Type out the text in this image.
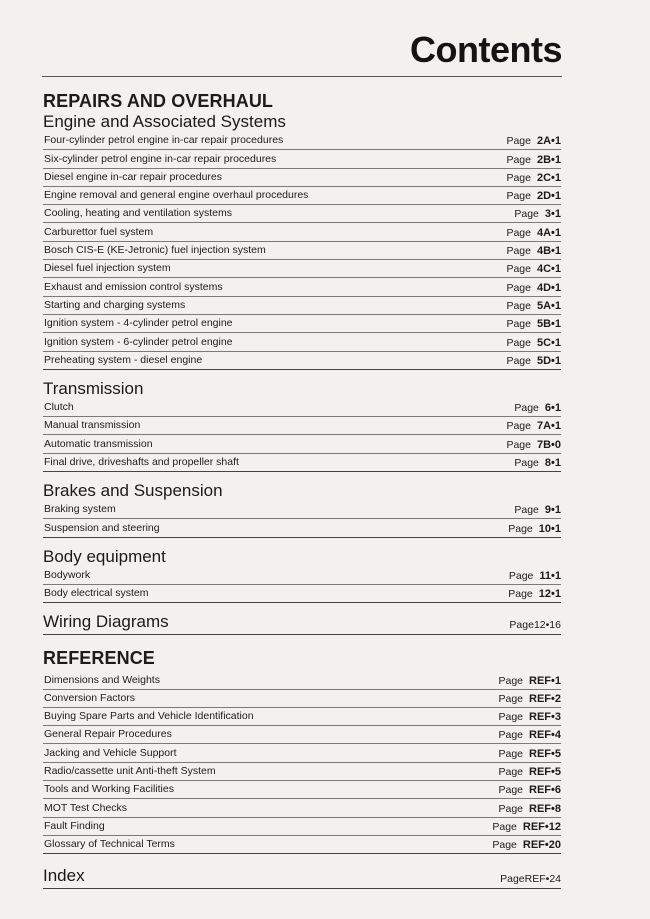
Contents
REPAIRS AND OVERHAUL
Engine and Associated Systems
Four-cylinder petrol engine in-car repair procedures	Page 2A•1
Six-cylinder petrol engine in-car repair procedures	Page 2B•1
Diesel engine in-car repair procedures	Page 2C•1
Engine removal and general engine overhaul procedures	Page 2D•1
Cooling, heating and ventilation systems	Page 3•1
Carburettor fuel system	Page 4A•1
Bosch CIS-E (KE-Jetronic) fuel injection system	Page 4B•1
Diesel fuel injection system	Page 4C•1
Exhaust and emission control systems	Page 4D•1
Starting and charging systems	Page 5A•1
Ignition system - 4-cylinder petrol engine	Page 5B•1
Ignition system - 6-cylinder petrol engine	Page 5C•1
Preheating system - diesel engine	Page 5D•1
Transmission
Clutch	Page 6•1
Manual transmission	Page 7A•1
Automatic transmission	Page 7B•0
Final drive, driveshafts and propeller shaft	Page 8•1
Brakes and Suspension
Braking system	Page 9•1
Suspension and steering	Page 10•1
Body equipment
Bodywork	Page 11•1
Body electrical system	Page 12•1
Wiring Diagrams	Page12•16
REFERENCE
Dimensions and Weights	Page REF•1
Conversion Factors	Page REF•2
Buying Spare Parts and Vehicle Identification	Page REF•3
General Repair Procedures	Page REF•4
Jacking and Vehicle Support	Page REF•5
Radio/cassette unit Anti-theft System	Page REF•5
Tools and Working Facilities	Page REF•6
MOT Test Checks	Page REF•8
Fault Finding	Page REF•12
Glossary of Technical Terms	Page REF•20
Index	PageREF•24
